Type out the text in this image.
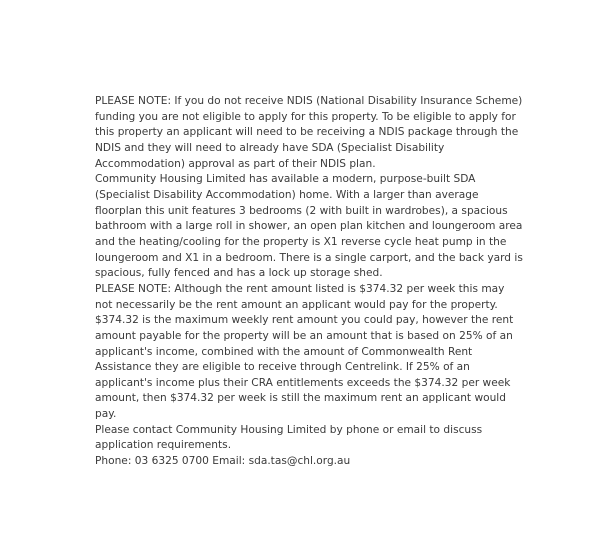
PLEASE NOTE: If you do not receive NDIS (National Disability Insurance Scheme) funding you are not eligible to apply for this property. To be eligible to apply for this property an applicant will need to be receiving a NDIS package through the NDIS and they will need to already have SDA (Specialist Disability Accommodation) approval as part of their NDIS plan.

Community Housing Limited has available a modern, purpose-built SDA (Specialist Disability Accommodation) home. With a larger than average floorplan this unit features 3 bedrooms (2 with built in wardrobes), a spacious bathroom with a large roll in shower, an open plan kitchen and loungeroom area and the heating/cooling for the property is X1 reverse cycle heat pump in the loungeroom and X1 in a bedroom. There is a single carport, and the back yard is spacious, fully fenced and has a lock up storage shed.

PLEASE NOTE: Although the rent amount listed is $374.32 per week this may not necessarily be the rent amount an applicant would pay for the property. $374.32 is the maximum weekly rent amount you could pay, however the rent amount payable for the property will be an amount that is based on 25% of an applicant's income, combined with the amount of Commonwealth Rent Assistance they are eligible to receive through Centrelink. If 25% of an applicant's income plus their CRA entitlements exceeds the $374.32 per week amount, then $374.32 per week is still the maximum rent an applicant would pay.

Please contact Community Housing Limited by phone or email to discuss application requirements.

Phone: 03 6325 0700 Email: sda.tas@chl.org.au
